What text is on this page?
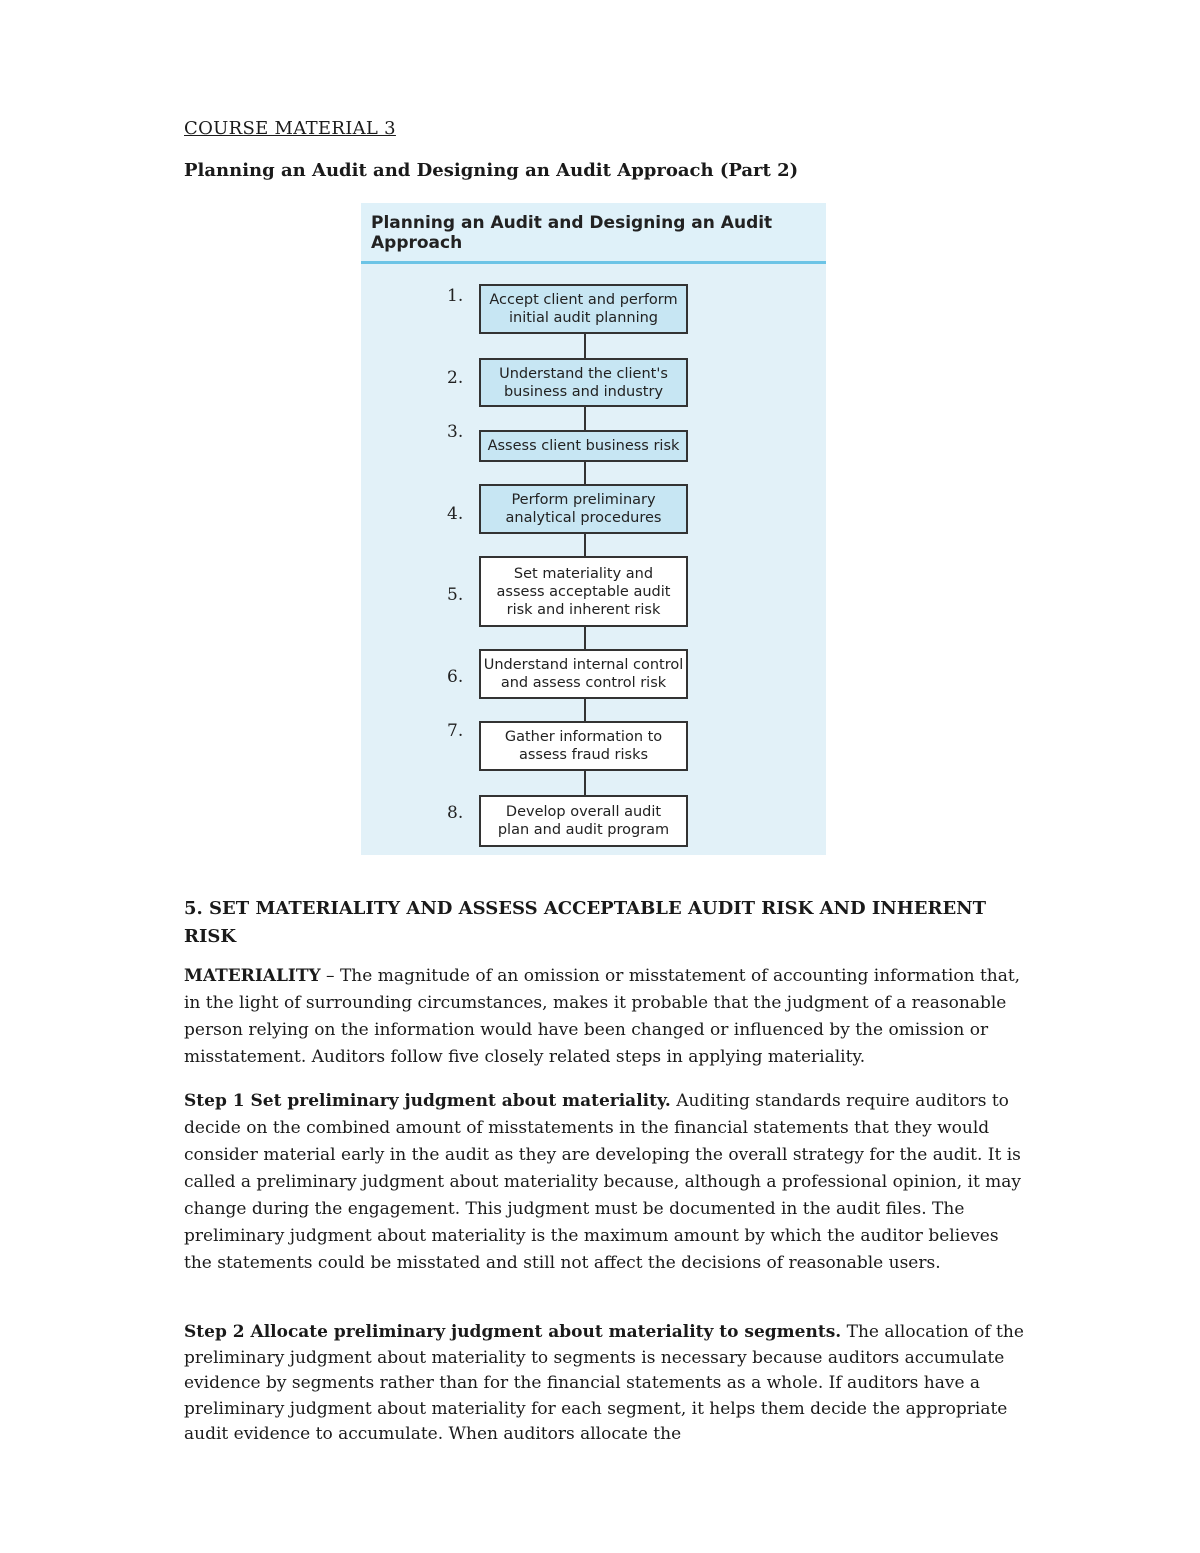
COURSE MATERIAL 3
Planning an Audit and Designing an Audit Approach (Part 2)
Planning an Audit and Designing an Audit Approach
1.
2.
3.
4.
5.
6.
7.
8.
Accept client and perform
initial audit planning
Understand the client's
business and industry
Assess client business risk
Perform preliminary
analytical procedures
Set materiality and
assess acceptable audit
risk and inherent risk
Understand internal control
and assess control risk
Gather information to
assess fraud risks
Develop overall audit
plan and audit program
5. SET MATERIALITY AND ASSESS ACCEPTABLE AUDIT RISK AND INHERENT RISK

MATERIALITY – The magnitude of an omission or misstatement of accounting information that, in the light of surrounding circumstances, makes it probable that the judgment of a reasonable person relying on the information would have been changed or influenced by the omission or misstatement. Auditors follow five closely related steps in applying materiality.

Step 1 Set preliminary judgment about materiality. Auditing standards require auditors to decide on the combined amount of misstatements in the financial statements that they would consider material early in the audit as they are developing the overall strategy for the audit. It is called a preliminary judgment about materiality because, although a professional opinion, it may change during the engagement. This judgment must be documented in the audit files. The preliminary judgment about materiality is the maximum amount by which the auditor believes the statements could be misstated and still not affect the decisions of reasonable users.

Step 2 Allocate preliminary judgment about materiality to segments. The allocation of the preliminary judgment about materiality to segments is necessary because auditors accumulate evidence by segments rather than for the financial statements as a whole. If auditors have a preliminary judgment about materiality for each segment, it helps them decide the appropriate audit evidence to accumulate. When auditors allocate the
